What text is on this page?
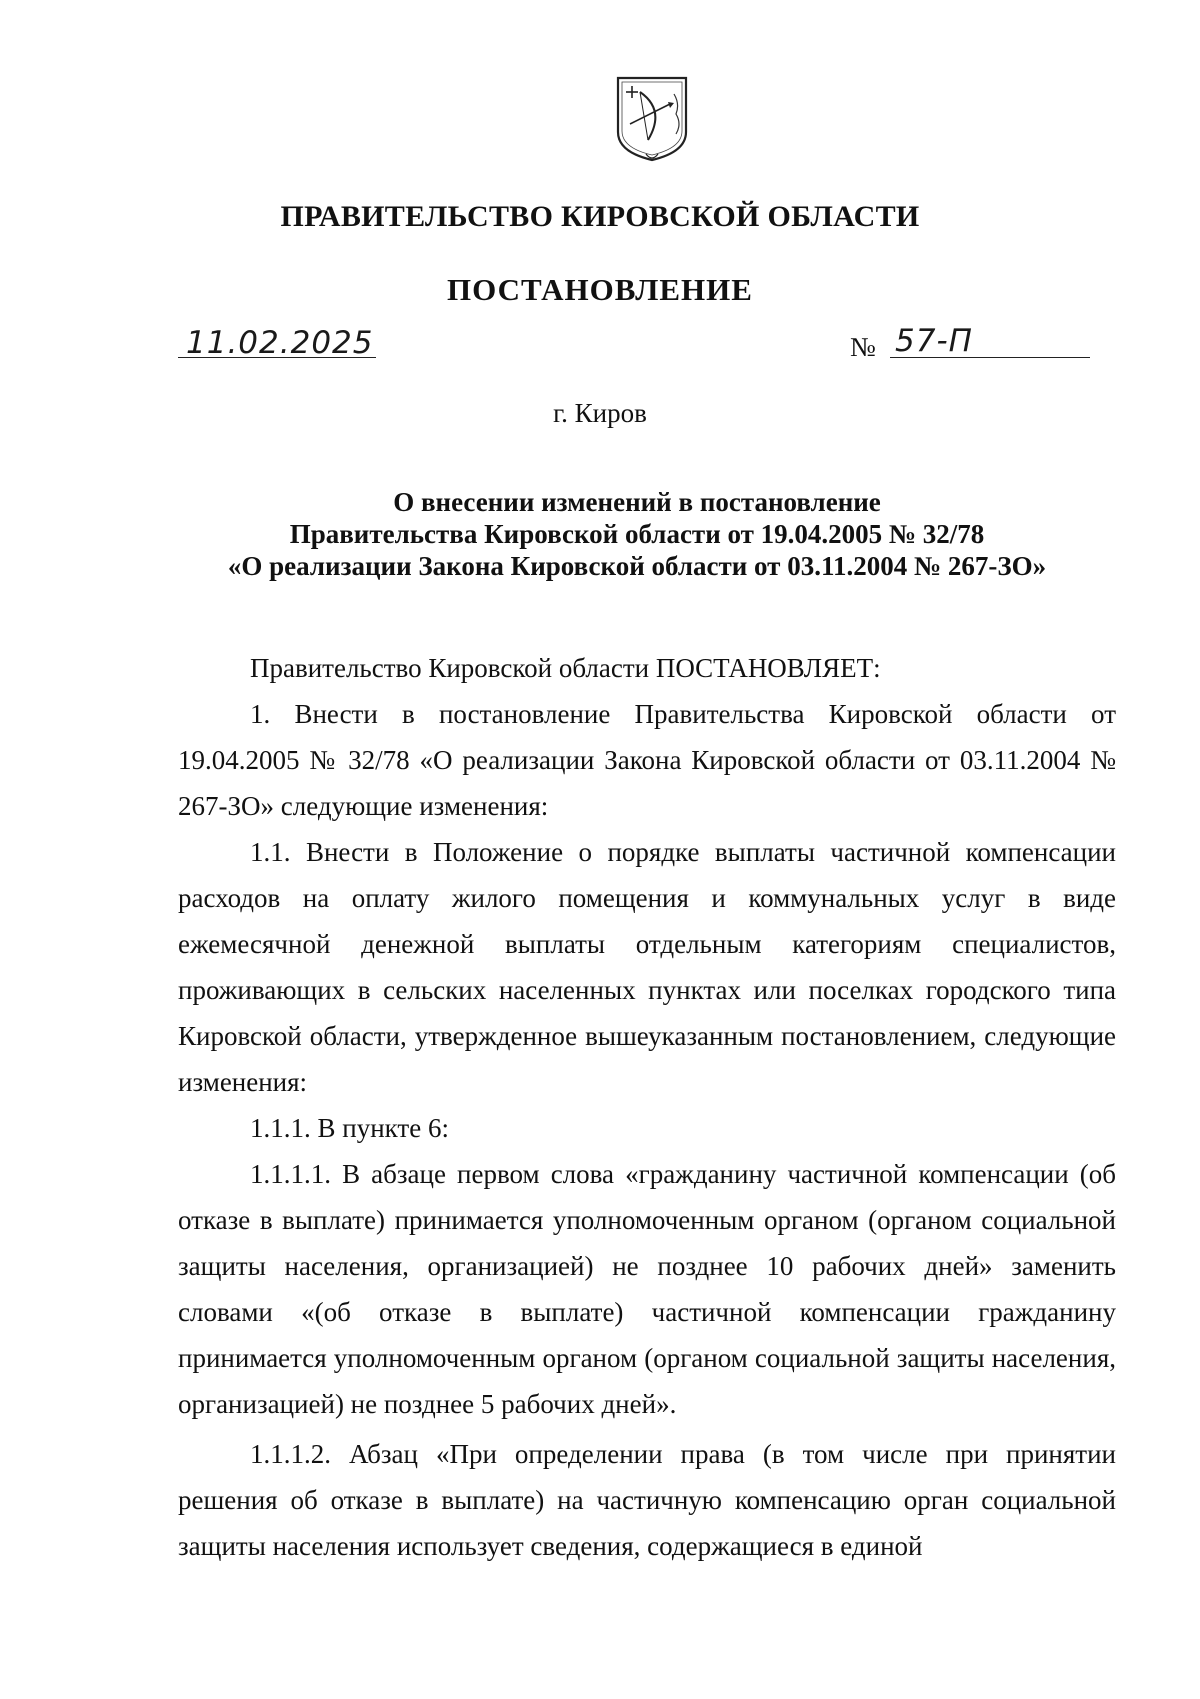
ПРАВИТЕЛЬСТВО КИРОВСКОЙ ОБЛАСТИ
ПОСТАНОВЛЕНИЕ
11.02.2025	№ 57-П
г. Киров
О внесении изменений в постановление
Правительства Кировской области от 19.04.2005 № 32/78
«О реализации Закона Кировской области от 03.11.2004 № 267-ЗО»

Правительство Кировской области ПОСТАНОВЛЯЕТ:

1. Внести в постановление Правительства Кировской области от 19.04.2005 № 32/78 «О реализации Закона Кировской области от 03.11.2004 № 267-ЗО» следующие изменения:

1.1. Внести в Положение о порядке выплаты частичной компенсации расходов на оплату жилого помещения и коммунальных услуг в виде ежемесячной денежной выплаты отдельным категориям специалистов, проживающих в сельских населенных пунктах или поселках городского типа Кировской области, утвержденное вышеуказанным постановлением, следующие изменения:

1.1.1. В пункте 6:

1.1.1.1. В абзаце первом слова «гражданину частичной компенсации (об отказе в выплате) принимается уполномоченным органом (органом социальной защиты населения, организацией) не позднее 10 рабочих дней» заменить словами «(об отказе в выплате) частичной компенсации гражданину принимается уполномоченным органом (органом социальной защиты населения, организацией) не позднее 5 рабочих дней».

1.1.1.2. Абзац «При определении права (в том числе при принятии решения об отказе в выплате) на частичную компенсацию орган социальной защиты населения использует сведения, содержащиеся в единой
